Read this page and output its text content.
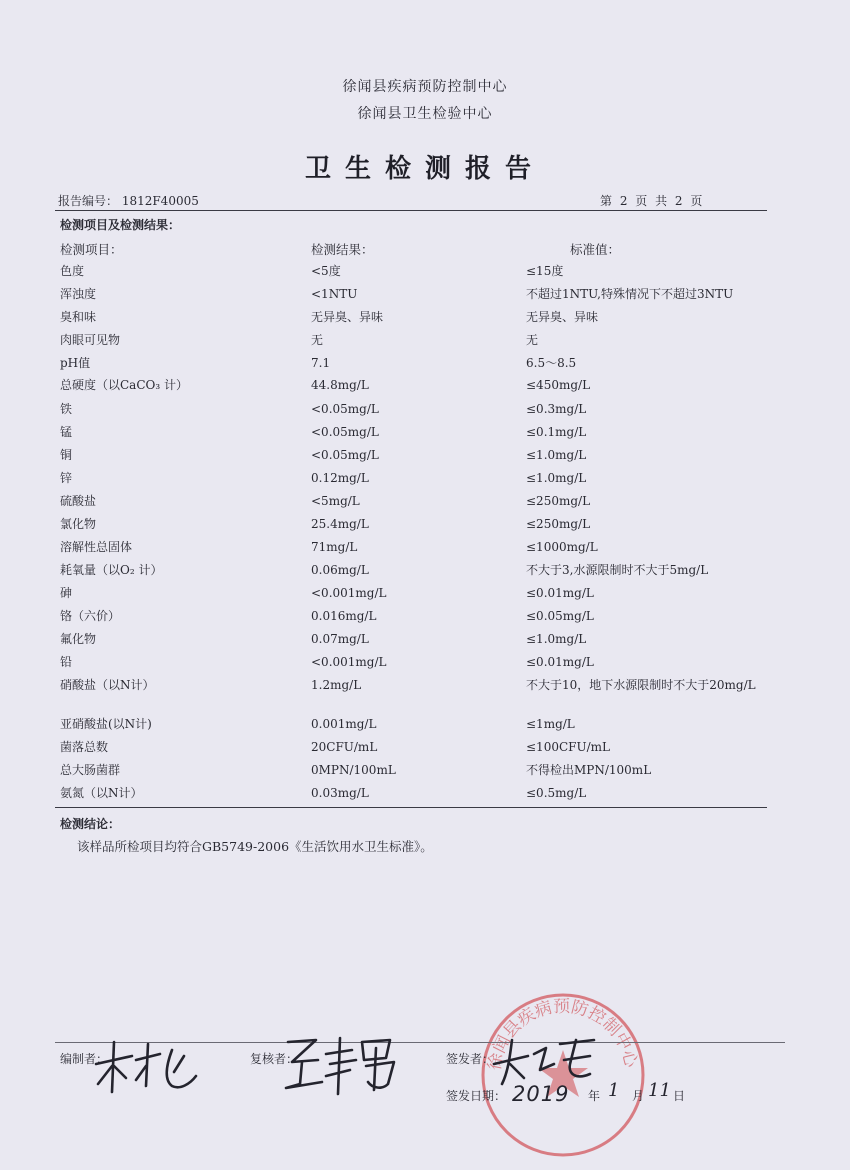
徐闻县疾病预防控制中心
徐闻县卫生检验中心
卫生检测报告
报告编号： 1812F40005	第 2 页 共 2 页
检测项目及检测结果：
检测项目：	检测结果：	标准值：
色度	<5度	≤15度
浑浊度	<1NTU	不超过1NTU,特殊情况下不超过3NTU
臭和味	无异臭、异味	无异臭、异味
肉眼可见物	无	无
pH值	7.1	6.5～8.5
总硬度（以CaCO₃ 计）	44.8mg/L	≤450mg/L
铁	<0.05mg/L	≤0.3mg/L
锰	<0.05mg/L	≤0.1mg/L
铜	<0.05mg/L	≤1.0mg/L
锌	0.12mg/L	≤1.0mg/L
硫酸盐	<5mg/L	≤250mg/L
氯化物	25.4mg/L	≤250mg/L
溶解性总固体	71mg/L	≤1000mg/L
耗氧量（以O₂ 计）	0.06mg/L	不大于3,水源限制时不大于5mg/L
砷	<0.001mg/L	≤0.01mg/L
铬（六价）	0.016mg/L	≤0.05mg/L
氟化物	0.07mg/L	≤1.0mg/L
铅	<0.001mg/L	≤0.01mg/L
硝酸盐（以N计）	1.2mg/L	不大于10，地下水源限制时不大于20mg/L
亚硝酸盐(以N计)	0.001mg/L	≤1mg/L
菌落总数	20CFU/mL	≤100CFU/mL
总大肠菌群	0MPN/100mL	不得检出MPN/100mL
氨氮（以N计）	0.03mg/L	≤0.5mg/L
检测结论：
该样品所检项目均符合GB5749-2006《生活饮用水卫生标准》。
徐闻县疾病预防控制中心
编制者：	复核者：	签发者：
签发日期： 2019 年 1 月 11 日
